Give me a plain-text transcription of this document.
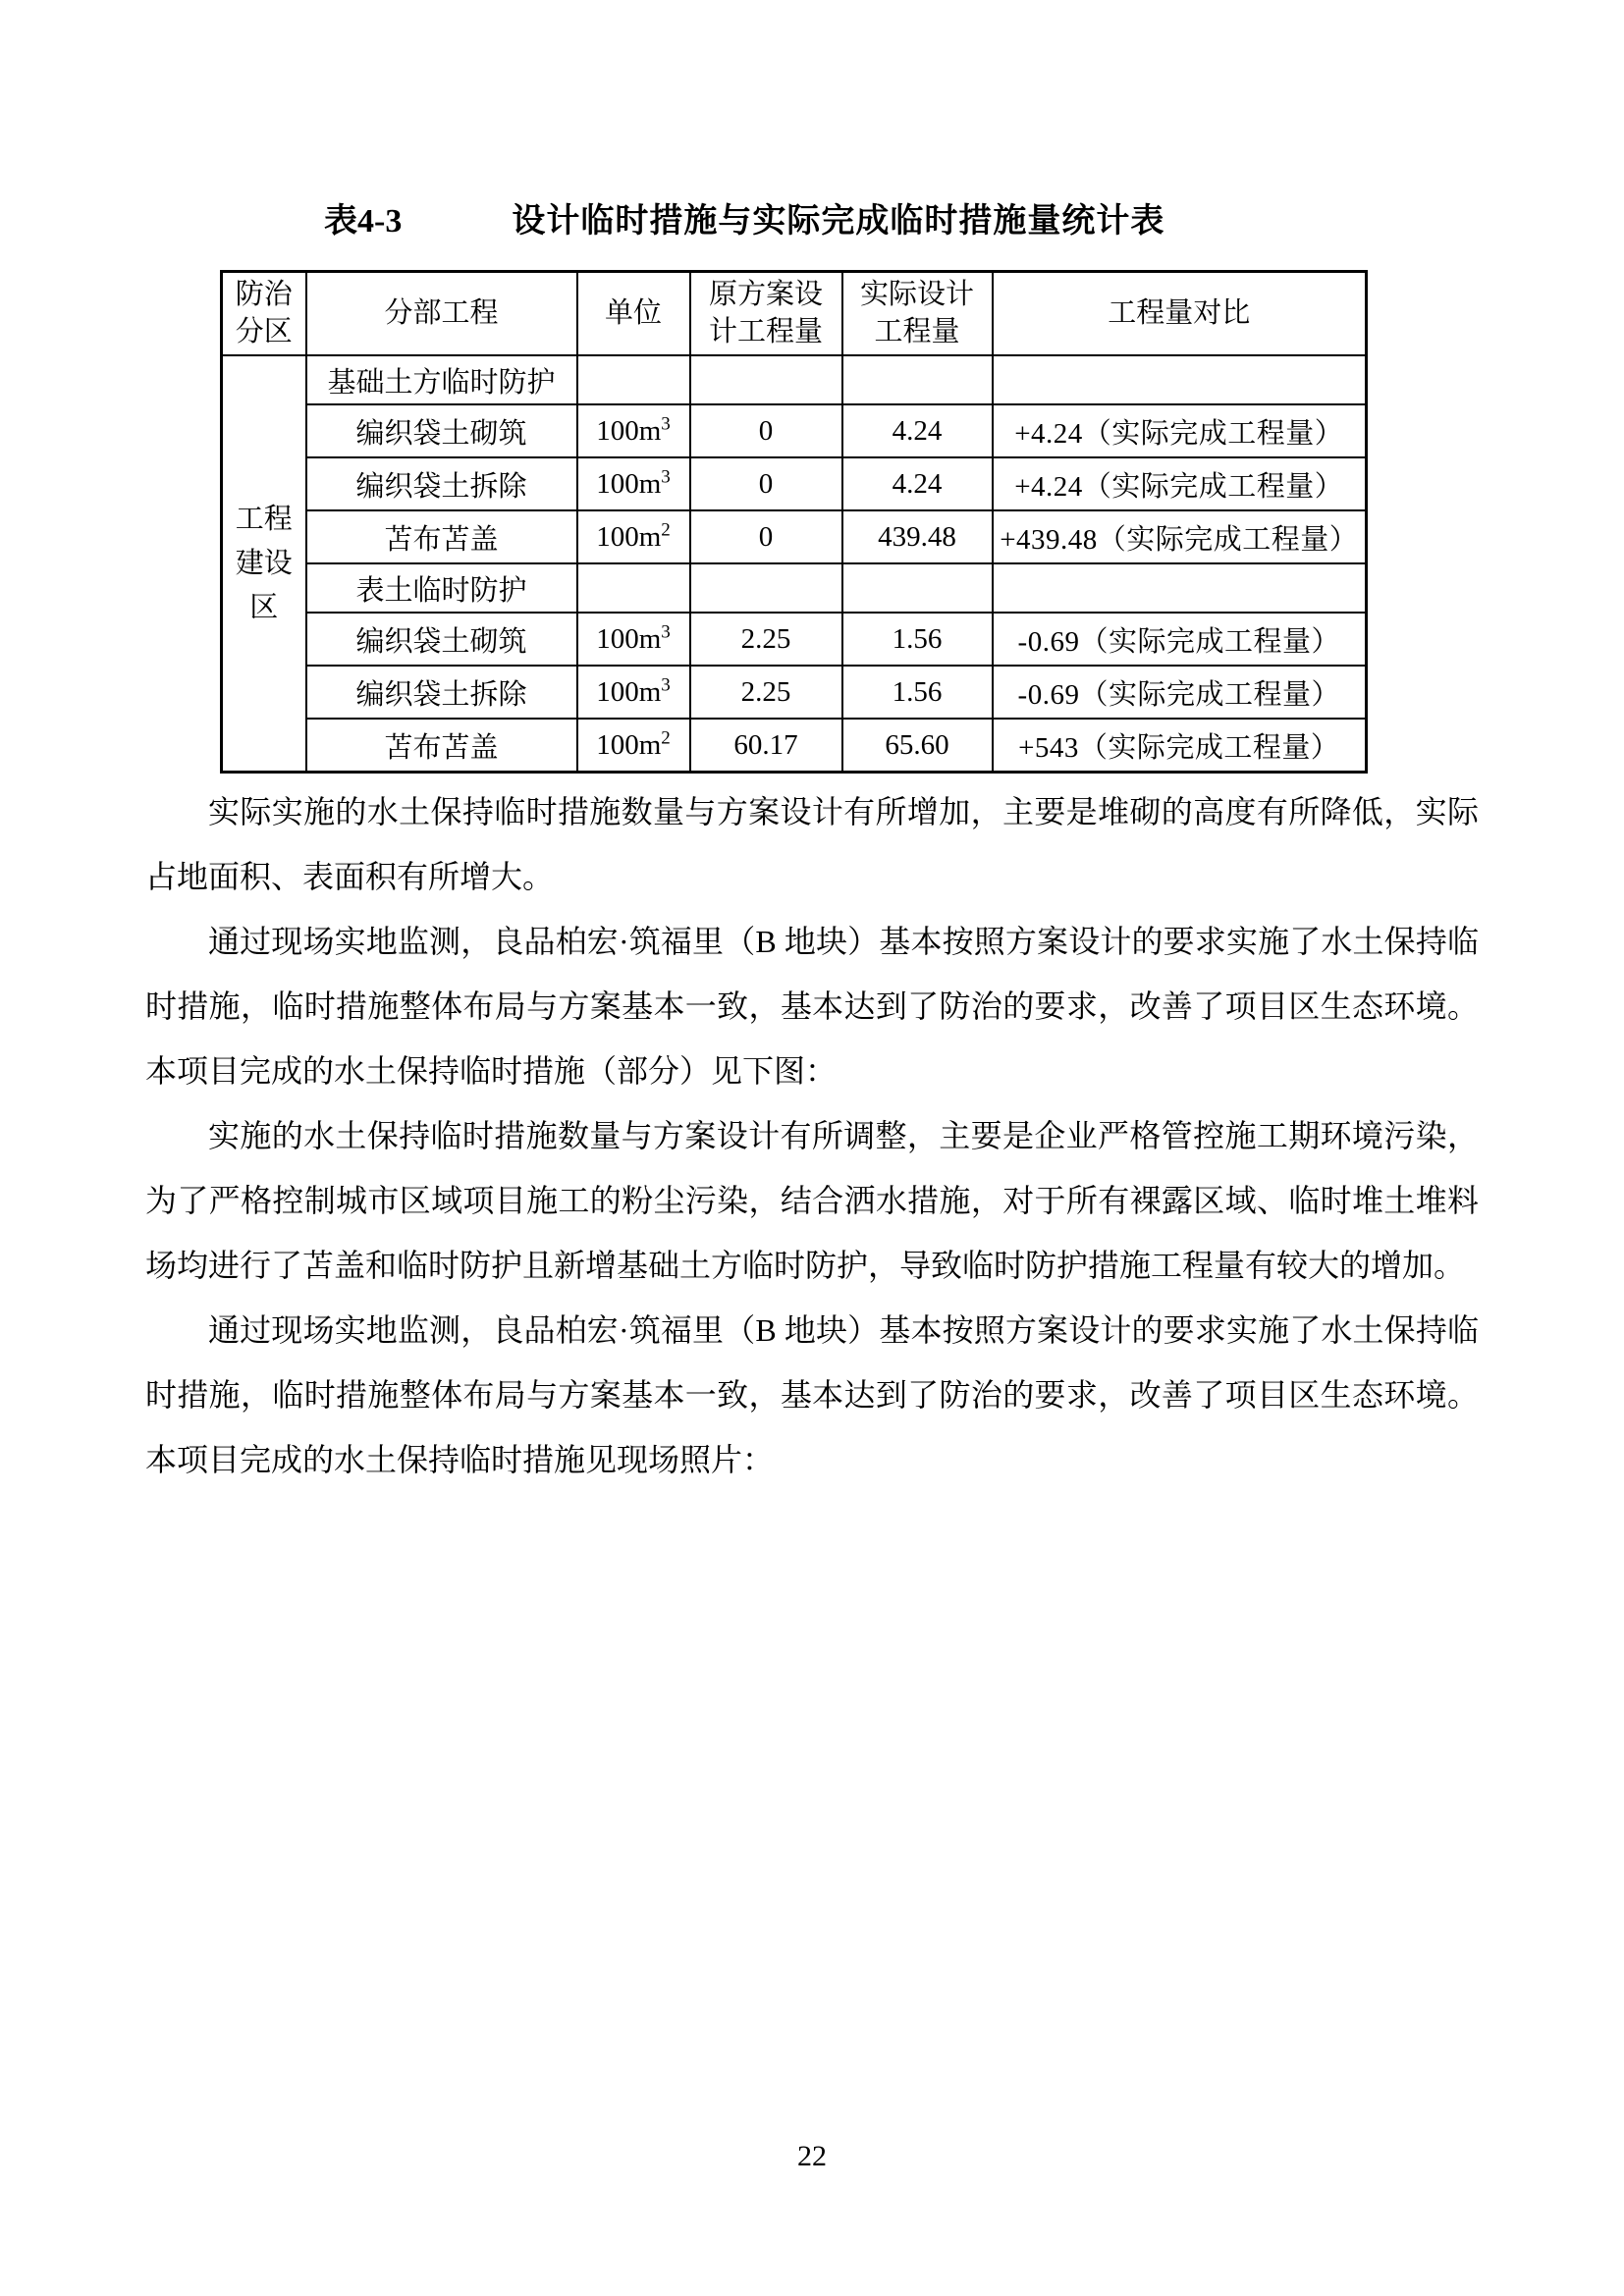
表4-3	设计临时措施与实际完成临时措施量统计表
防治分区	分部工程	单位	原方案设计工程量	实际设计工程量	工程量对比
工程建设区	基础土方临时防护				
	编织袋土砌筑	$100m^3$	0	4.24	+4.24（实际完成工程量）
	编织袋土拆除	$100m^3$	0	4.24	+4.24（实际完成工程量）
	苫布苫盖	$100m^2$	0	439.48	+439.48（实际完成工程量）
	表土临时防护				
	编织袋土砌筑	$100m^3$	2.25	1.56	-0.69（实际完成工程量）
	编织袋土拆除	$100m^3$	2.25	1.56	-0.69（实际完成工程量）
	苫布苫盖	$100m^2$	60.17	65.60	+543（实际完成工程量）

实际实施的水土保持临时措施数量与方案设计有所增加，主要是堆砌的高度有所降低，实际占地面积、表面积有所增大。

通过现场实地监测，良品柏宏·筑福里（B 地块）基本按照方案设计的要求实施了水土保持临时措施，临时措施整体布局与方案基本一致，基本达到了防治的要求，改善了项目区生态环境。本项目完成的水土保持临时措施（部分）见下图：

实施的水土保持临时措施数量与方案设计有所调整，主要是企业严格管控施工期环境污染，为了严格控制城市区域项目施工的粉尘污染，结合洒水措施，对于所有裸露区域、临时堆土堆料场均进行了苫盖和临时防护且新增基础土方临时防护，导致临时防护措施工程量有较大的增加。

通过现场实地监测，良品柏宏·筑福里（B 地块）基本按照方案设计的要求实施了水土保持临时措施，临时措施整体布局与方案基本一致，基本达到了防治的要求，改善了项目区生态环境。本项目完成的水土保持临时措施见现场照片：

22
